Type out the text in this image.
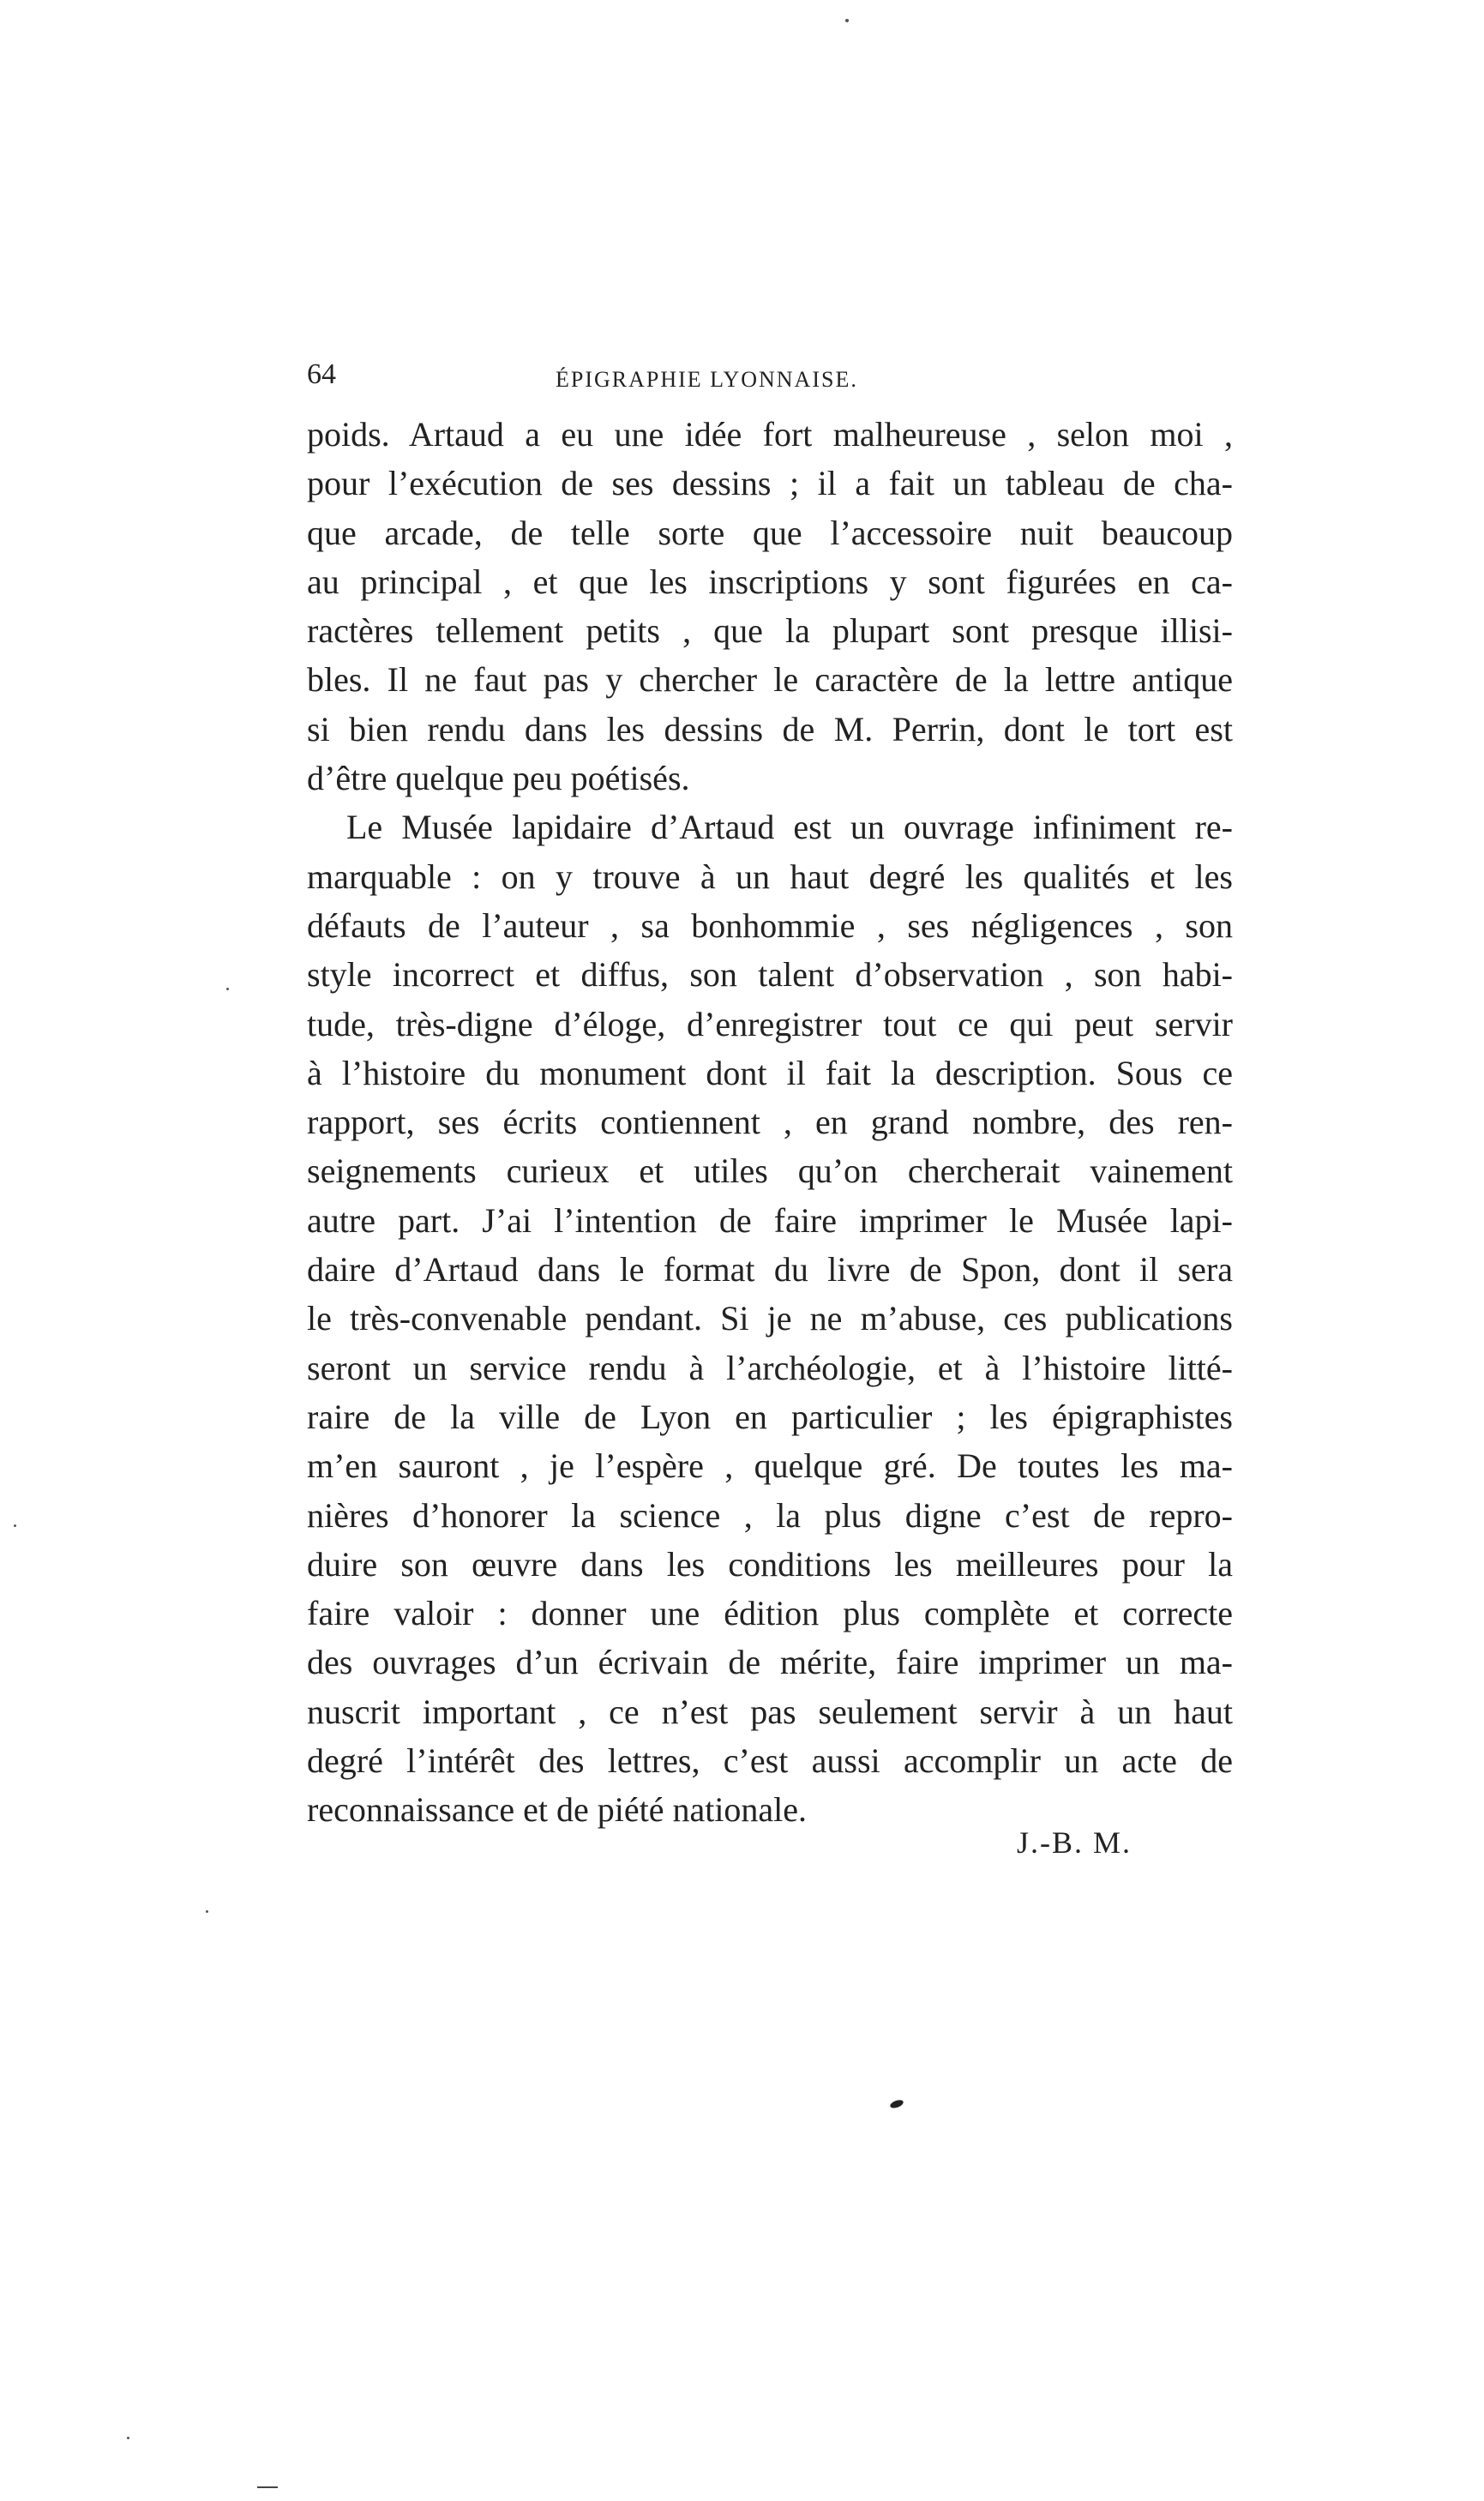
64	ÉPIGRAPHIE LYONNAISE.
poids. Artaud a eu une idée fort malheureuse , selon moi ,
pour l’exécution de ses dessins ; il a fait un tableau de cha-
que arcade, de telle sorte que l’accessoire nuit beaucoup
au principal , et que les inscriptions y sont figurées en ca-
ractères tellement petits , que la plupart sont presque illisi-
bles. Il ne faut pas y chercher le caractère de la lettre antique
si bien rendu dans les dessins de M. Perrin, dont le tort est
d’être quelque peu poétisés.
Le Musée lapidaire d’Artaud est un ouvrage infiniment re-
marquable : on y trouve à un haut degré les qualités et les
défauts de l’auteur , sa bonhommie , ses négligences , son
style incorrect et diffus, son talent d’observation , son habi-
tude, très-digne d’éloge, d’enregistrer tout ce qui peut servir
à l’histoire du monument dont il fait la description. Sous ce
rapport, ses écrits contiennent , en grand nombre, des ren-
seignements curieux et utiles qu’on chercherait vainement
autre part. J’ai l’intention de faire imprimer le Musée lapi-
daire d’Artaud dans le format du livre de Spon, dont il sera
le très-convenable pendant. Si je ne m’abuse, ces publications
seront un service rendu à l’archéologie, et à l’histoire litté-
raire de la ville de Lyon en particulier ; les épigraphistes
m’en sauront , je l’espère , quelque gré. De toutes les ma-
nières d’honorer la science , la plus digne c’est de repro-
duire son œuvre dans les conditions les meilleures pour la
faire valoir : donner une édition plus complète et correcte
des ouvrages d’un écrivain de mérite, faire imprimer un ma-
nuscrit important , ce n’est pas seulement servir à un haut
degré l’intérêt des lettres, c’est aussi accomplir un acte de
reconnaissance et de piété nationale.
J.-B. M.
